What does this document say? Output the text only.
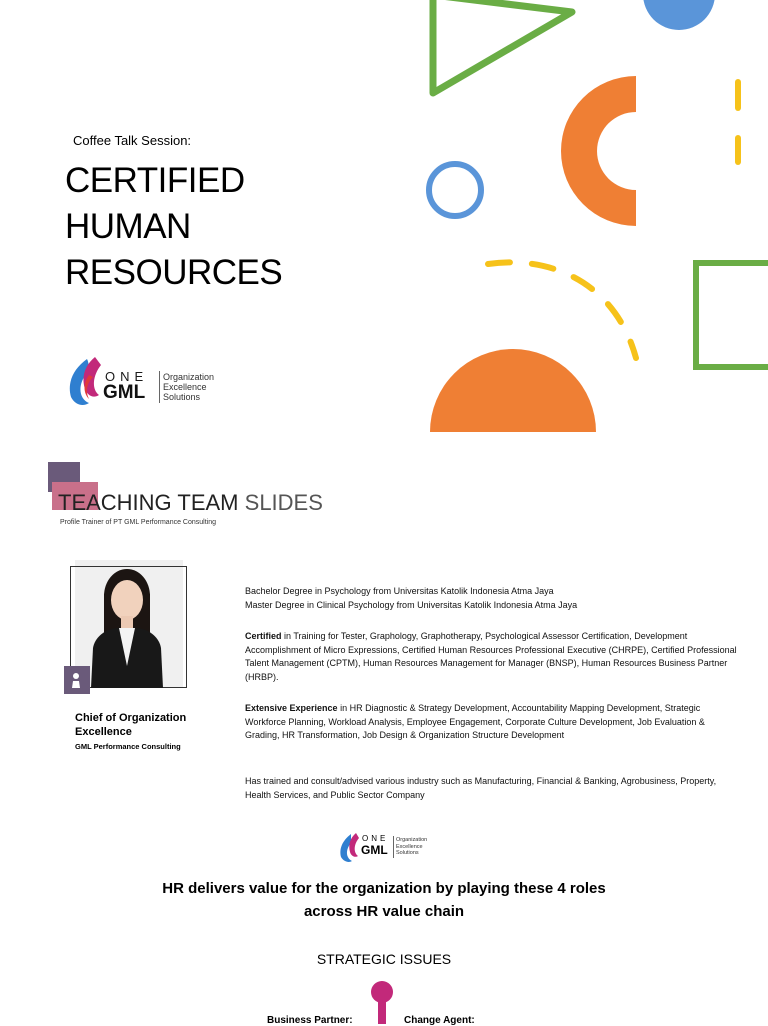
Coffee Talk Session:
CERTIFIED
HUMAN
RESOURCES
ONE
GML
Organization
Excellence
Solutions
TEACHING TEAM SLIDES
Profile Trainer of PT GML Performance Consulting
Chief of Organization Excellence
GML Performance Consulting
Bachelor Degree in Psychology from Universitas Katolik Indonesia Atma Jaya
Master Degree in Clinical Psychology from Universitas Katolik Indonesia Atma Jaya
Certified in Training for Tester, Graphology, Graphotherapy, Psychological Assessor Certification, Development Accomplishment of Micro Expressions, Certified Human Resources Professional Executive (CHRPE), Certified Professional Talent Management (CPTM), Human Resources Management for Manager (BNSP), Human Resources Business Partner (HRBP).
Extensive Experience in HR Diagnostic & Strategy Development, Accountability Mapping Development, Strategic Workforce Planning, Workload Analysis, Employee Engagement, Corporate Culture Development, Job Evaluation & Grading, HR Transformation, Job Design & Organization Structure Development
Has trained and consult/advised various industry such as Manufacturing, Financial & Banking, Agrobusiness, Property, Health Services, and Public Sector Company
ONE
GML
Organization
Excellence
Solutions
HR delivers value for the organization by playing these 4 roles
across HR value chain
STRATEGIC ISSUES
Business Partner:	Change Agent:
